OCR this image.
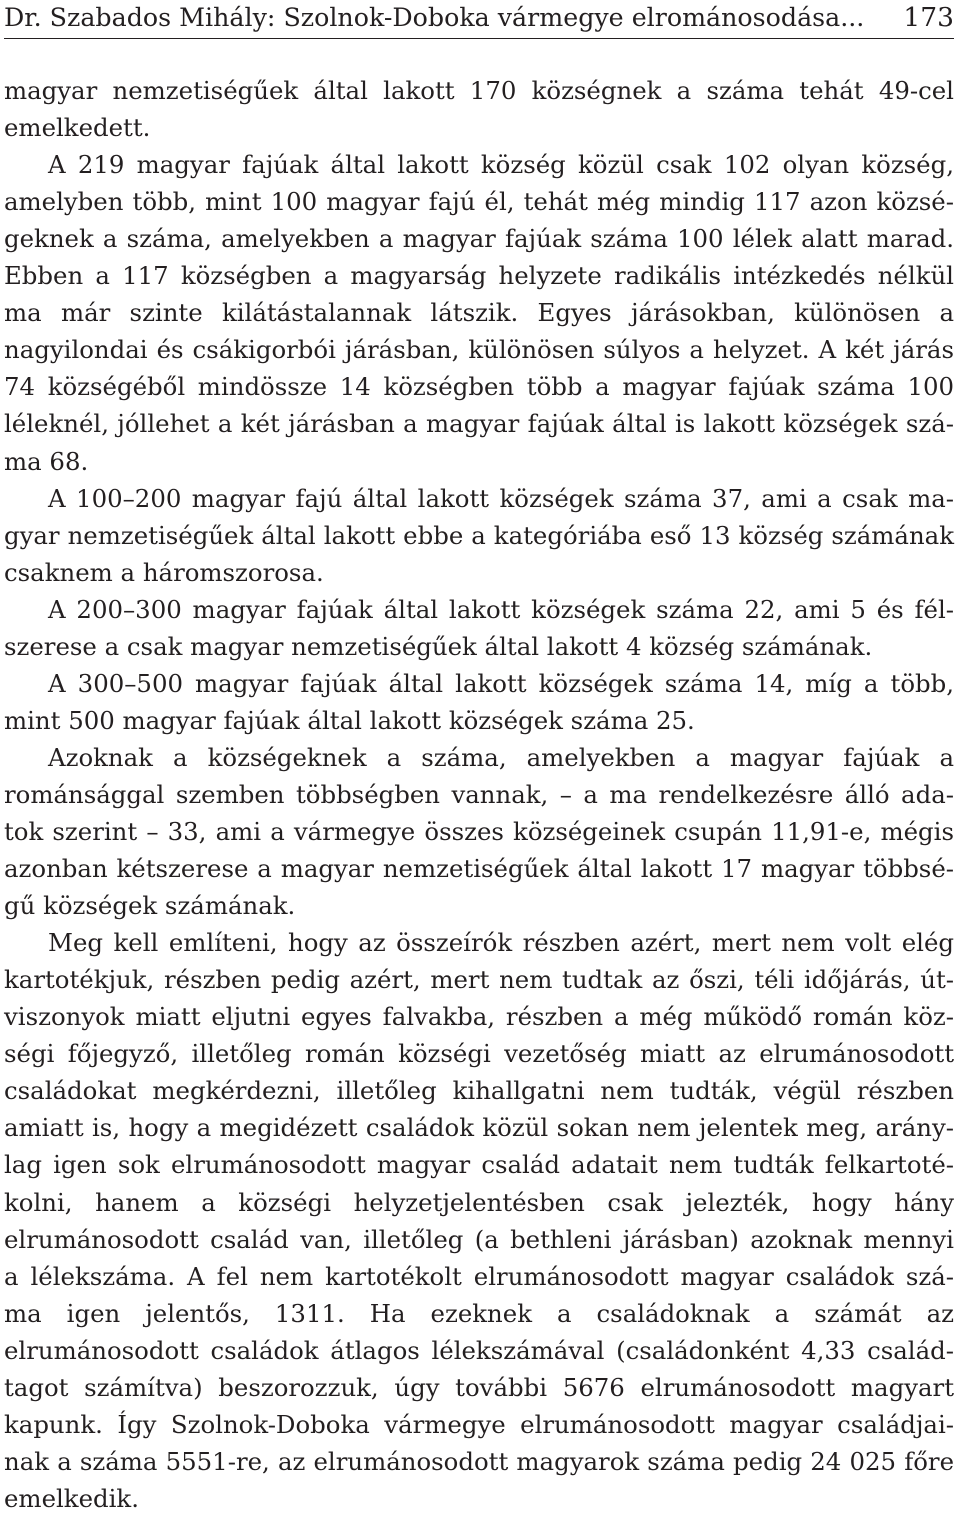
Dr. Szabados Mihály: Szolnok-Doboka vármegye elrománosodása... 173
magyar nemzetiségűek által lakott 170 községnek a száma tehát 49-cel
emelkedett.
A 219 magyar fajúak által lakott község közül csak 102 olyan község,
amelyben több, mint 100 magyar fajú él, tehát még mindig 117 azon közsé-
geknek a száma, amelyekben a magyar fajúak száma 100 lélek alatt marad.
Ebben a 117 községben a magyarság helyzete radikális intézkedés nélkül
ma már szinte kilátástalannak látszik. Egyes járásokban, különösen a
nagyilondai és csákigorbói járásban, különösen súlyos a helyzet. A két járás
74 községéből mindössze 14 községben több a magyar fajúak száma 100
léleknél, jóllehet a két járásban a magyar fajúak által is lakott községek szá-
ma 68.
A 100–200 magyar fajú által lakott községek száma 37, ami a csak ma-
gyar nemzetiségűek által lakott ebbe a kategóriába eső 13 község számának
csaknem a háromszorosa.
A 200–300 magyar fajúak által lakott községek száma 22, ami 5 és fél-
szerese a csak magyar nemzetiségűek által lakott 4 község számának.
A 300–500 magyar fajúak által lakott községek száma 14, míg a több,
mint 500 magyar fajúak által lakott községek száma 25.
Azoknak a községeknek a száma, amelyekben a magyar fajúak a
románsággal szemben többségben vannak, – a ma rendelkezésre álló ada-
tok szerint – 33, ami a vármegye összes községeinek csupán 11,91-e, mégis
azonban kétszerese a magyar nemzetiségűek által lakott 17 magyar többsé-
gű községek számának.
Meg kell említeni, hogy az összeírók részben azért, mert nem volt elég
kartotékjuk, részben pedig azért, mert nem tudtak az őszi, téli időjárás, út-
viszonyok miatt eljutni egyes falvakba, részben a még működő román köz-
ségi főjegyző, illetőleg román községi vezetőség miatt az elrumánosodott
családokat megkérdezni, illetőleg kihallgatni nem tudták, végül részben
amiatt is, hogy a megidézett családok közül sokan nem jelentek meg, arány-
lag igen sok elrumánosodott magyar család adatait nem tudták felkartoté-
kolni, hanem a községi helyzetjelentésben csak jelezték, hogy hány
elrumánosodott család van, illetőleg (a bethleni járásban) azoknak mennyi
a lélekszáma. A fel nem kartotékolt elrumánosodott magyar családok szá-
ma igen jelentős, 1311. Ha ezeknek a családoknak a számát az
elrumánosodott családok átlagos lélekszámával (családonként 4,33 család-
tagot számítva) beszorozzuk, úgy további 5676 elrumánosodott magyart
kapunk. Így Szolnok-Doboka vármegye elrumánosodott magyar családjai-
nak a száma 5551-re, az elrumánosodott magyarok száma pedig 24 025 főre
emelkedik.
